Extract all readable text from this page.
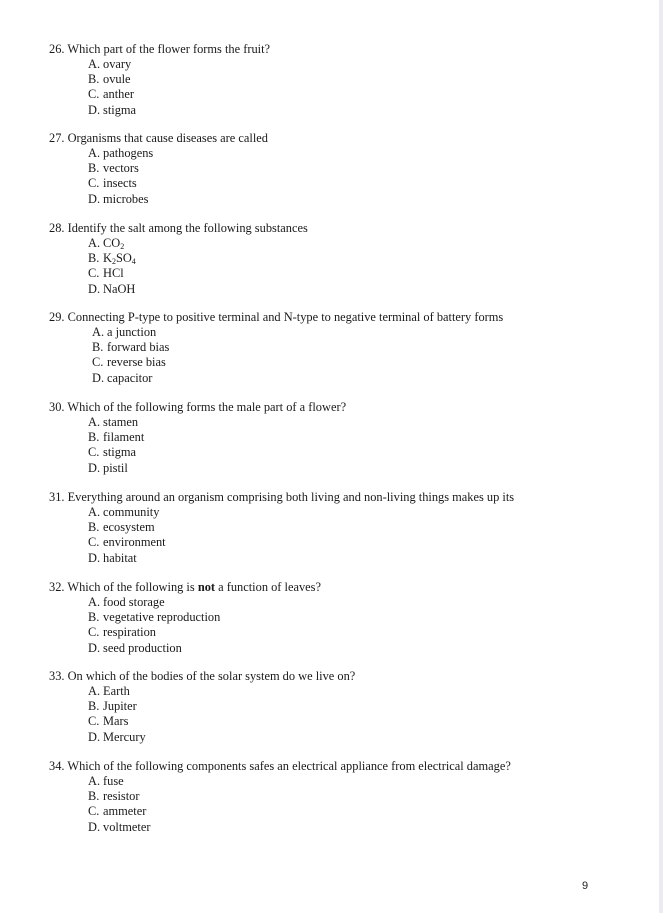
26. Which part of the flower forms the fruit?
A. ovary
B. ovule
C. anther
D. stigma
27. Organisms that cause diseases are called
A. pathogens
B. vectors
C. insects
D. microbes
28. Identify the salt among the following substances
A. $CO_2$
B. $K_2SO_4$
C. HCl
D. NaOH
29. Connecting P-type to positive terminal and N-type to negative terminal of battery forms
A. a junction
B. forward bias
C. reverse bias
D. capacitor
30. Which of the following forms the male part of a flower?
A. stamen
B. filament
C. stigma
D. pistil
31. Everything around an organism comprising both living and non-living things makes up its
A. community
B. ecosystem
C. environment
D. habitat
32. Which of the following is not a function of leaves?
A. food storage
B. vegetative reproduction
C. respiration
D. seed production
33. On which of the bodies of the solar system do we live on?
A. Earth
B. Jupiter
C. Mars
D. Mercury
34. Which of the following components safes an electrical appliance from electrical damage?
A. fuse
B. resistor
C. ammeter
D. voltmeter
9
